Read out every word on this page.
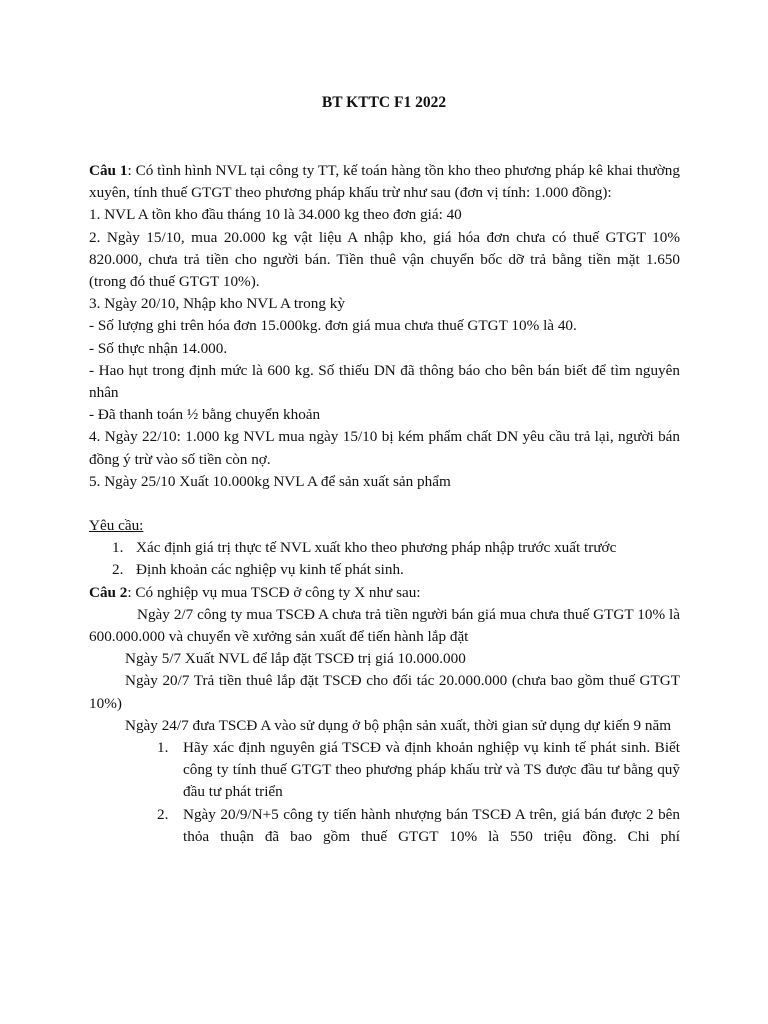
BT KTTC F1 2022

Câu 1: Có tình hình NVL tại công ty TT, kế toán hàng tồn kho theo phương pháp kê khai thường xuyên, tính thuế GTGT theo phương pháp khấu trừ như sau (đơn vị tính: 1.000 đồng):

1. NVL A tồn kho đầu tháng 10 là 34.000 kg theo đơn giá: 40

2. Ngày 15/10, mua 20.000 kg vật liệu A nhập kho, giá hóa đơn chưa có thuế GTGT 10% 820.000, chưa trả tiền cho người bán. Tiền thuê vận chuyển bốc dỡ trả bằng tiền mặt 1.650 (trong đó thuế GTGT 10%).

3. Ngày 20/10, Nhập kho NVL A trong kỳ

- Số lượng ghi trên hóa đơn 15.000kg. đơn giá mua chưa thuế GTGT 10% là 40.

- Số thực nhận 14.000.

- Hao hụt trong định mức là 600 kg. Số thiếu DN đã thông báo cho bên bán biết để tìm nguyên nhân

- Đã thanh toán ½ bằng chuyển khoản

4. Ngày 22/10: 1.000 kg NVL mua ngày 15/10 bị kém phẩm chất DN yêu cầu trả lại, người bán đồng ý trừ vào số tiền còn nợ.

5. Ngày 25/10 Xuất 10.000kg NVL A để sản xuất sản phẩm

Yêu cầu:

1. Xác định giá trị thực tế NVL xuất kho theo phương pháp nhập trước xuất trước
2. Định khoản các nghiệp vụ kinh tế phát sinh.

Câu 2: Có nghiệp vụ mua TSCĐ ở công ty X như sau:

Ngày 2/7 công ty mua TSCĐ A chưa trả tiền người bán giá mua chưa thuế GTGT 10% là 600.000.000 và chuyển về xưởng sản xuất để tiến hành lắp đặt

Ngày 5/7 Xuất NVL để lắp đặt TSCĐ trị giá 10.000.000

Ngày 20/7 Trả tiền thuê lắp đặt TSCĐ cho đối tác 20.000.000 (chưa bao gồm thuế GTGT 10%)

Ngày 24/7 đưa TSCĐ A vào sử dụng ở bộ phận sản xuất, thời gian sử dụng dự kiến 9 năm

1. Hãy xác định nguyên giá TSCĐ và định khoản nghiệp vụ kinh tế phát sinh. Biết công ty tính thuế GTGT theo phương pháp khấu trừ và TS được đầu tư bằng quỹ đầu tư phát triển

2. Ngày 20/9/N+5 công ty tiến hành nhượng bán TSCĐ A trên, giá bán được 2 bên thỏa thuận đã bao gồm thuế GTGT 10% là 550 triệu đồng. Chi phí
